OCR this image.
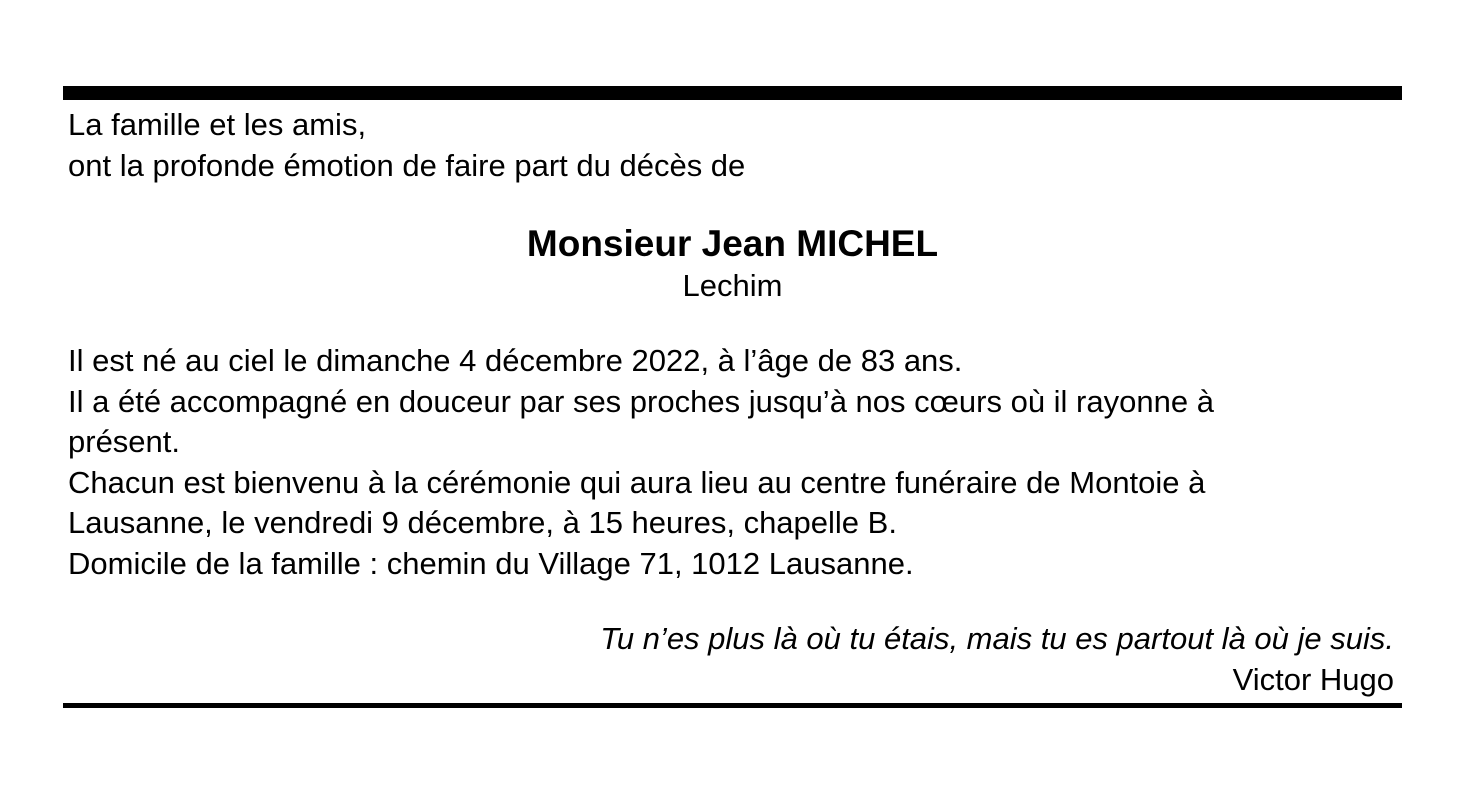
La famille et les amis,
ont la profonde émotion de faire part du décès de
Monsieur Jean MICHEL
Lechim
Il est né au ciel le dimanche 4 décembre 2022, à l’âge de 83 ans.
Il a été accompagné en douceur par ses proches jusqu’à nos cœurs où il rayonne à
présent.
Chacun est bienvenu à la cérémonie qui aura lieu au centre funéraire de Montoie à
Lausanne, le vendredi 9 décembre, à 15 heures, chapelle B.
Domicile de la famille : chemin du Village 71, 1012 Lausanne.
Tu n’es plus là où tu étais, mais tu es partout là où je suis.
Victor Hugo
